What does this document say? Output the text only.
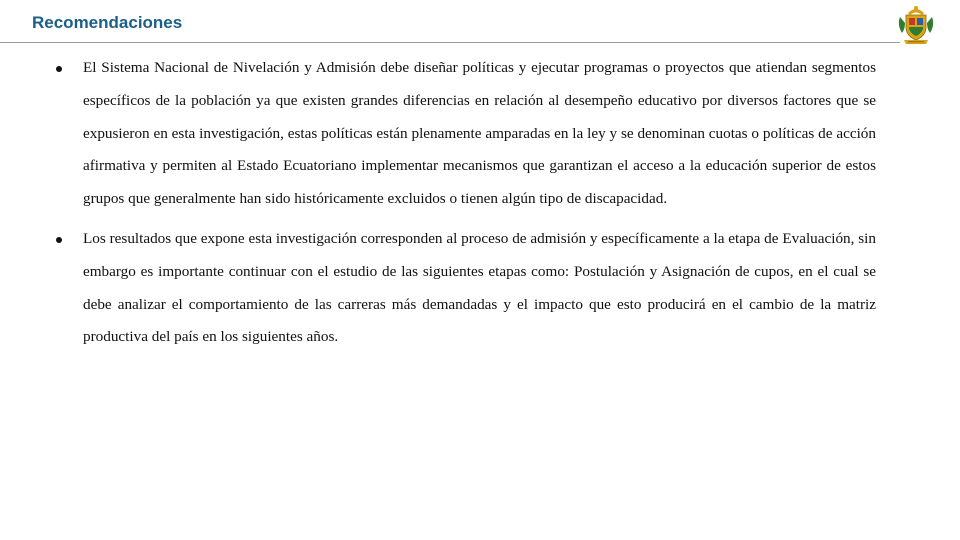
Recomendaciones
El Sistema Nacional de Nivelación y Admisión debe diseñar políticas y ejecutar programas o proyectos que atiendan segmentos específicos de la población ya que existen grandes diferencias en relación al desempeño educativo por diversos factores que se expusieron en esta investigación, estas políticas están plenamente amparadas en la ley y se denominan cuotas o políticas de acción afirmativa y permiten al Estado Ecuatoriano implementar mecanismos que garantizan el acceso a la educación superior de estos grupos que generalmente han sido históricamente excluidos o tienen algún tipo de discapacidad.
Los resultados que expone esta investigación corresponden al proceso de admisión y específicamente a la etapa de Evaluación, sin embargo es importante continuar con el estudio de las siguientes etapas como: Postulación y Asignación de cupos, en el cual se debe analizar el comportamiento de las carreras más demandadas y el impacto que esto producirá en el cambio de la matriz productiva del país en los siguientes años.
